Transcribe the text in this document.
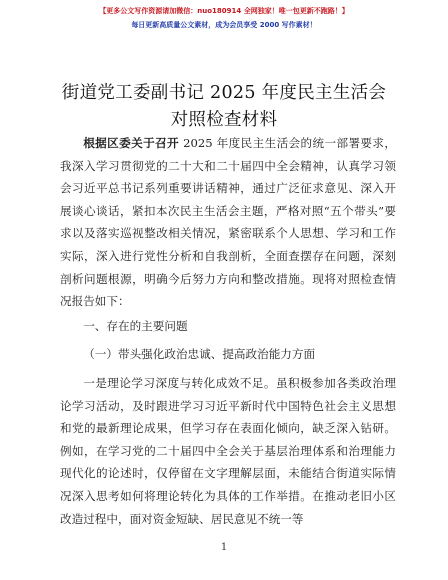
【更多公文写作资源请加微信：nuo180914 全网独家！唯一包更新不跑路！】
每日更新高质量公文素材，成为会员享受 2000 写作素材！
街道党工委副书记 2025 年度民主生活会对照检查材料

根据区委关于召开 2025 年度民主生活会的统一部署要求，我深入学习贯彻党的二十大和二十届四中全会精神，认真学习领会习近平总书记系列重要讲话精神，通过广泛征求意见、深入开展谈心谈话，紧扣本次民主生活会主题，严格对照“五个带头”要求以及落实巡视整改相关情况，紧密联系个人思想、学习和工作实际，深入进行党性分析和自我剖析，全面查摆存在问题，深刻剖析问题根源，明确今后努力方向和整改措施。现将对照检查情况报告如下：

一、存在的主要问题

（一）带头强化政治忠诚、提高政治能力方面

一是理论学习深度与转化成效不足。虽积极参加各类政治理论学习活动，及时跟进学习习近平新时代中国特色社会主义思想和党的最新理论成果，但学习存在表面化倾向，缺乏深入钻研。例如，在学习党的二十届四中全会关于基层治理体系和治理能力现代化的论述时，仅停留在文字理解层面，未能结合街道实际情况深入思考如何将理论转化为具体的工作举措。在推动老旧小区改造过程中，面对资金短缺、居民意见不统一等

1
